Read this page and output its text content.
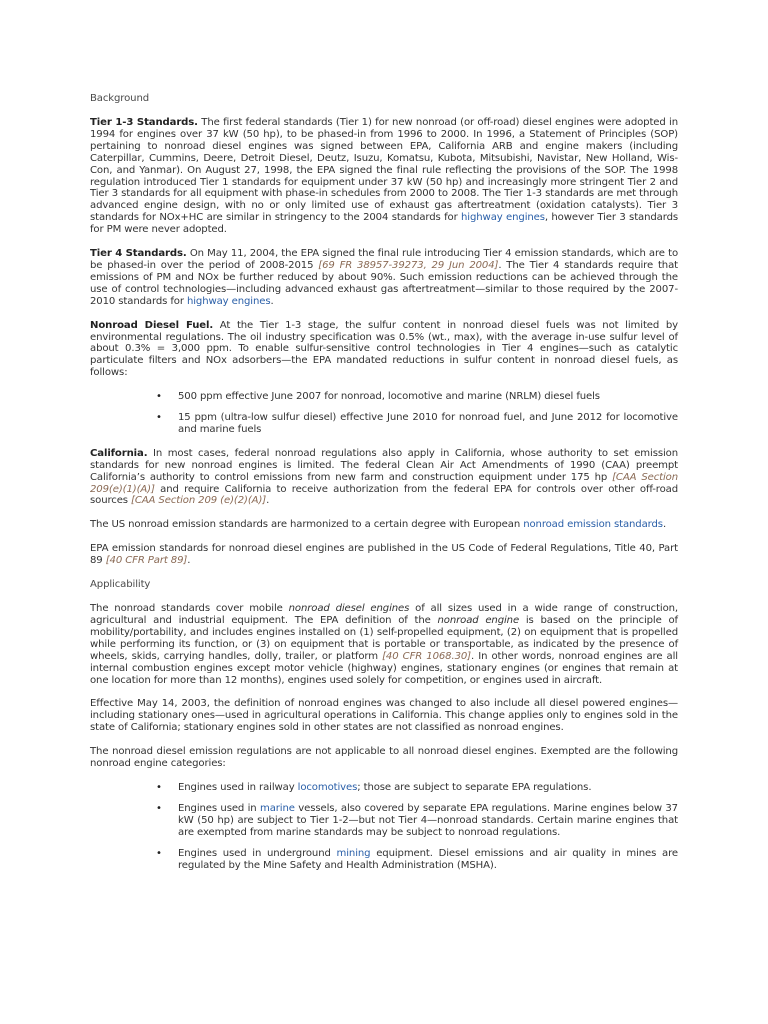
Background

Tier 1-3 Standards. The first federal standards (Tier 1) for new nonroad (or off-road) diesel engines were adopted in 1994 for engines over 37 kW (50 hp), to be phased-in from 1996 to 2000. In 1996, a Statement of Principles (SOP) pertaining to nonroad diesel engines was signed between EPA, California ARB and engine makers (including Caterpillar, Cummins, Deere, Detroit Diesel, Deutz, Isuzu, Komatsu, Kubota, Mitsubishi, Navistar, New Holland, Wis-Con, and Yanmar). On August 27, 1998, the EPA signed the final rule reflecting the provisions of the SOP. The 1998 regulation introduced Tier 1 standards for equipment under 37 kW (50 hp) and increasingly more stringent Tier 2 and Tier 3 standards for all equipment with phase-in schedules from 2000 to 2008. The Tier 1-3 standards are met through advanced engine design, with no or only limited use of exhaust gas aftertreatment (oxidation catalysts). Tier 3 standards for NOx+HC are similar in stringency to the 2004 standards for highway engines, however Tier 3 standards for PM were never adopted.

Tier 4 Standards. On May 11, 2004, the EPA signed the final rule introducing Tier 4 emission standards, which are to be phased-in over the period of 2008-2015 [69 FR 38957-39273, 29 Jun 2004]. The Tier 4 standards require that emissions of PM and NOx be further reduced by about 90%. Such emission reductions can be achieved through the use of control technologies—including advanced exhaust gas aftertreatment—similar to those required by the 2007-2010 standards for highway engines.

Nonroad Diesel Fuel. At the Tier 1-3 stage, the sulfur content in nonroad diesel fuels was not limited by environmental regulations. The oil industry specification was 0.5% (wt., max), with the average in-use sulfur level of about 0.3% = 3,000 ppm. To enable sulfur-sensitive control technologies in Tier 4 engines—such as catalytic particulate filters and NOx adsorbers—the EPA mandated reductions in sulfur content in nonroad diesel fuels, as follows:

• 500 ppm effective June 2007 for nonroad, locomotive and marine (NRLM) diesel fuels
• 15 ppm (ultra-low sulfur diesel) effective June 2010 for nonroad fuel, and June 2012 for locomotive and marine fuels

California. In most cases, federal nonroad regulations also apply in California, whose authority to set emission standards for new nonroad engines is limited. The federal Clean Air Act Amendments of 1990 (CAA) preempt California’s authority to control emissions from new farm and construction equipment under 175 hp [CAA Section 209(e)(1)(A)] and require California to receive authorization from the federal EPA for controls over other off-road sources [CAA Section 209 (e)(2)(A)].

The US nonroad emission standards are harmonized to a certain degree with European nonroad emission standards.

EPA emission standards for nonroad diesel engines are published in the US Code of Federal Regulations, Title 40, Part 89 [40 CFR Part 89].

Applicability

The nonroad standards cover mobile nonroad diesel engines of all sizes used in a wide range of construction, agricultural and industrial equipment. The EPA definition of the nonroad engine is based on the principle of mobility/portability, and includes engines installed on (1) self-propelled equipment, (2) on equipment that is propelled while performing its function, or (3) on equipment that is portable or transportable, as indicated by the presence of wheels, skids, carrying handles, dolly, trailer, or platform [40 CFR 1068.30]. In other words, nonroad engines are all internal combustion engines except motor vehicle (highway) engines, stationary engines (or engines that remain at one location for more than 12 months), engines used solely for competition, or engines used in aircraft.

Effective May 14, 2003, the definition of nonroad engines was changed to also include all diesel powered engines—including stationary ones—used in agricultural operations in California. This change applies only to engines sold in the state of California; stationary engines sold in other states are not classified as nonroad engines.

The nonroad diesel emission regulations are not applicable to all nonroad diesel engines. Exempted are the following nonroad engine categories:

• Engines used in railway locomotives; those are subject to separate EPA regulations.
• Engines used in marine vessels, also covered by separate EPA regulations. Marine engines below 37 kW (50 hp) are subject to Tier 1-2—but not Tier 4—nonroad standards. Certain marine engines that are exempted from marine standards may be subject to nonroad regulations.
• Engines used in underground mining equipment. Diesel emissions and air quality in mines are regulated by the Mine Safety and Health Administration (MSHA).
